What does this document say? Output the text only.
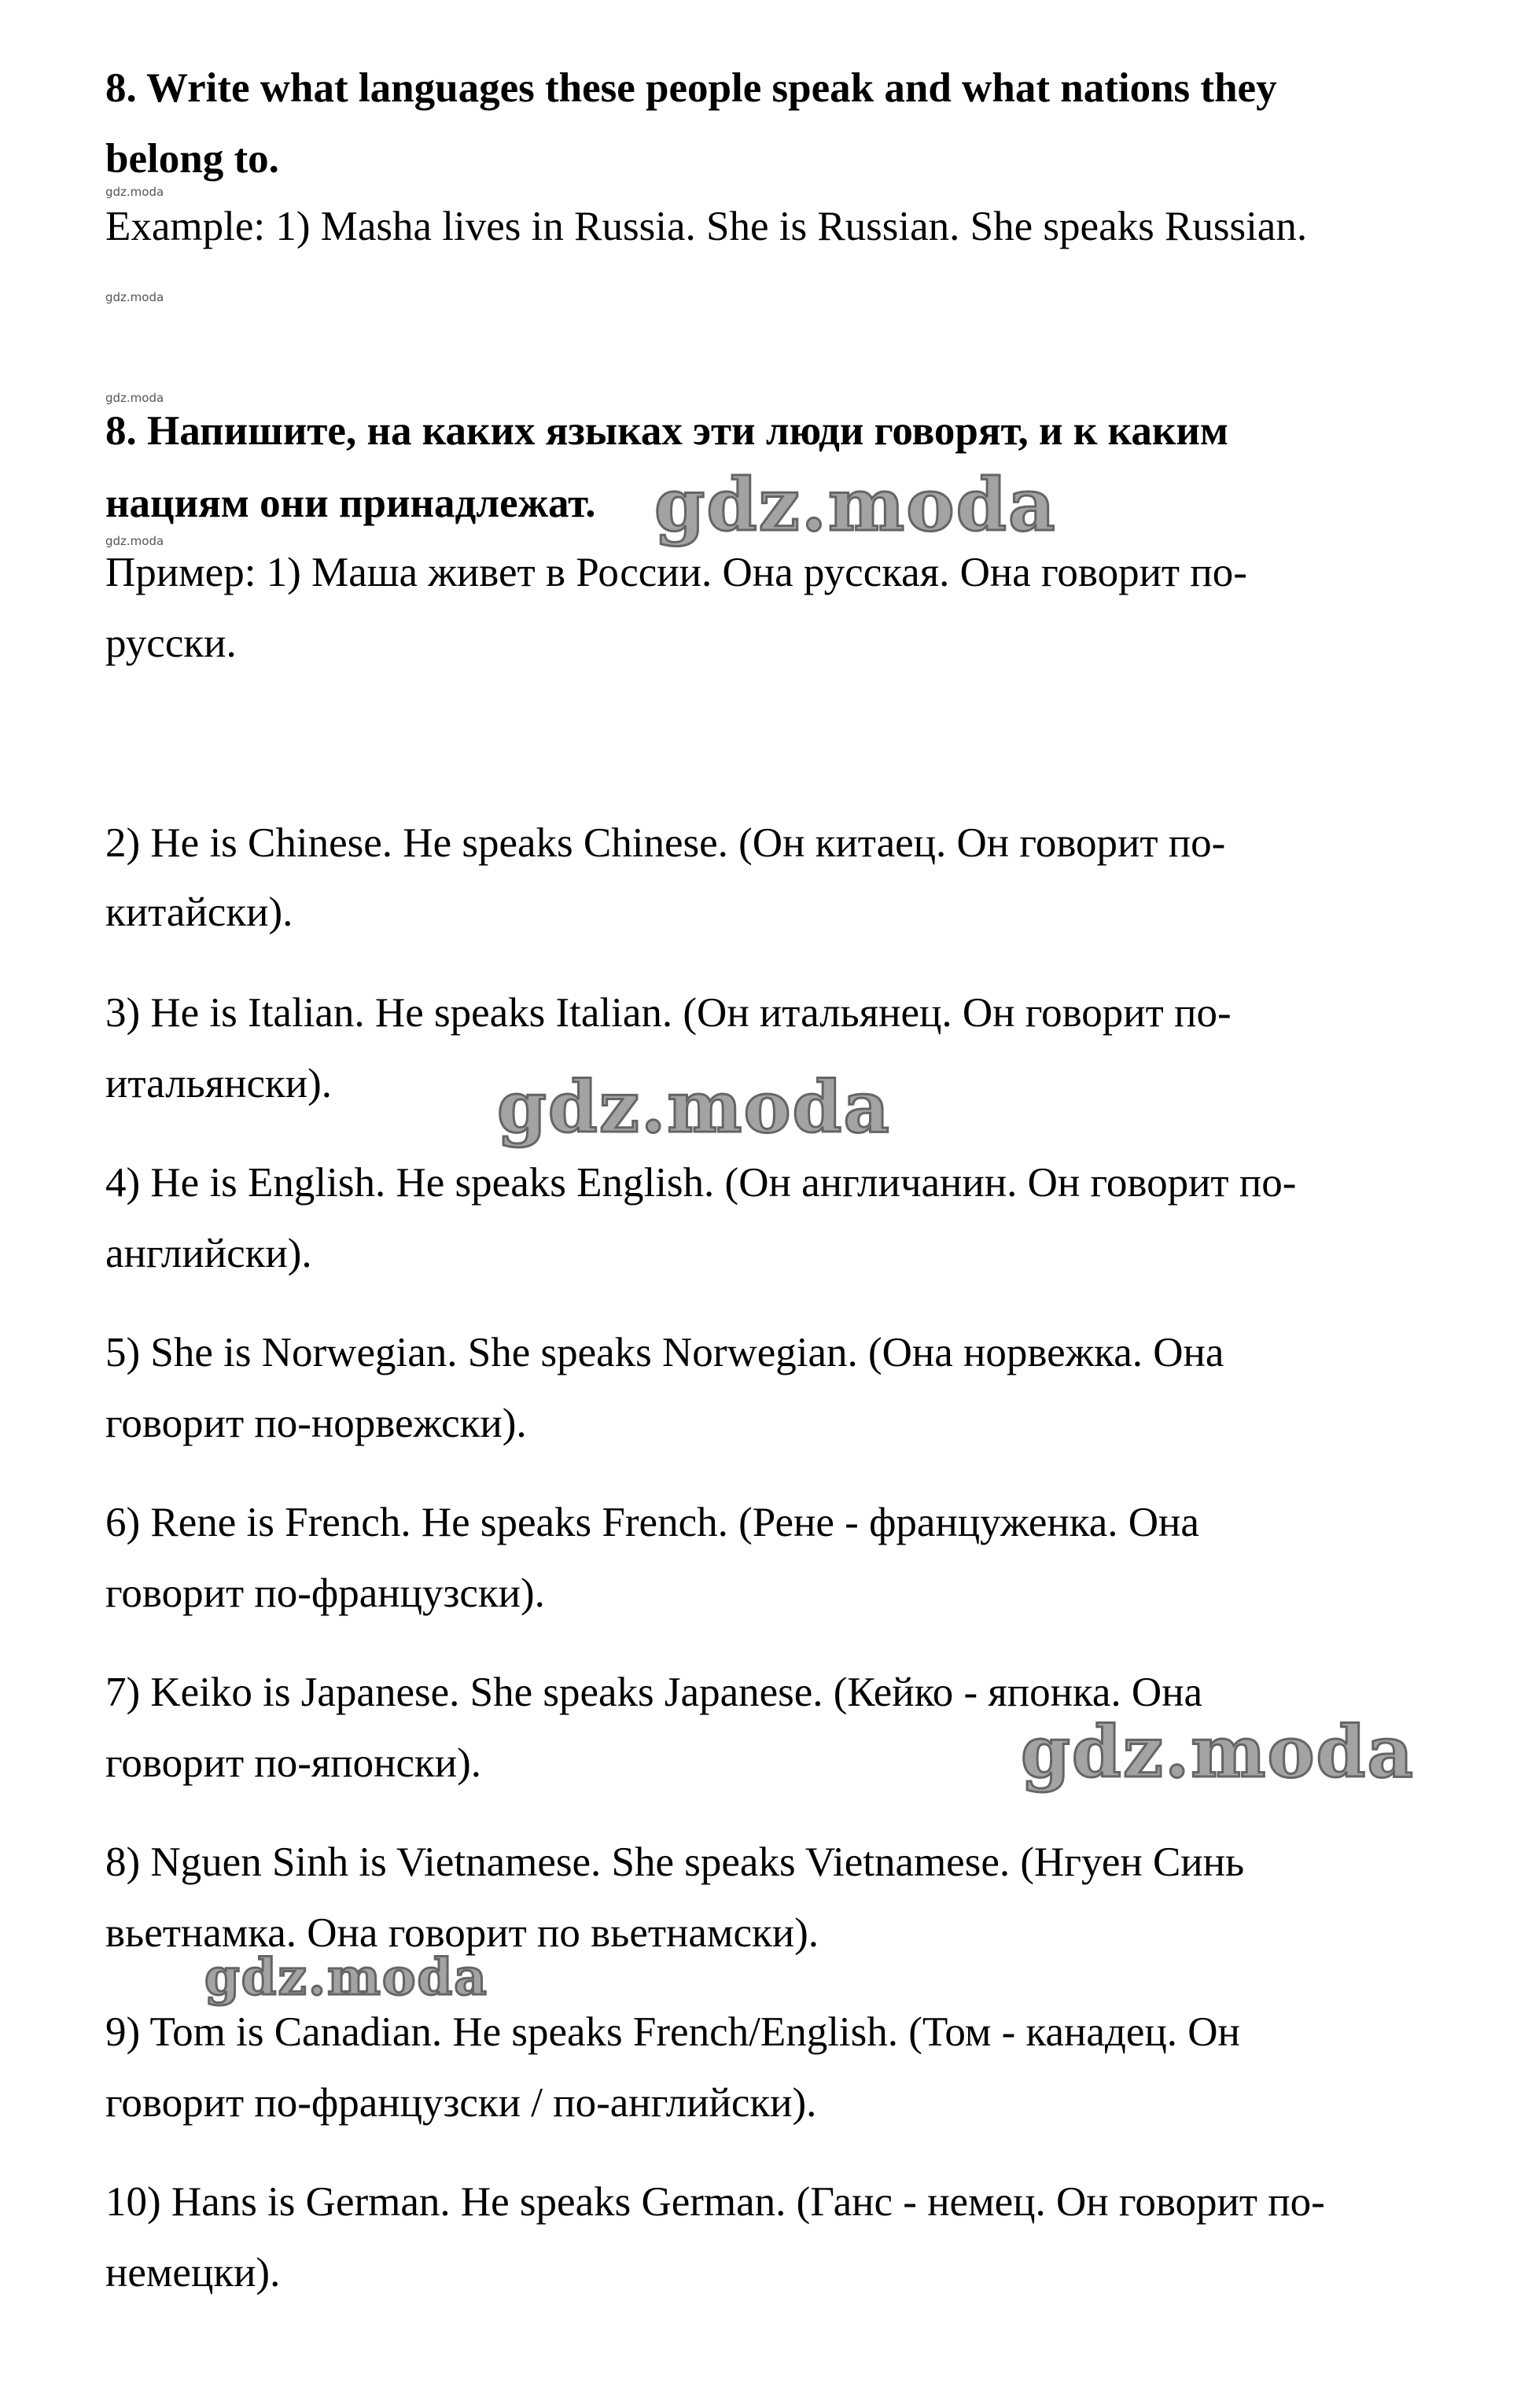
8. Write what languages these people speak and what nations they

belong to.

gdz.moda

Example: 1) Masha lives in Russia. She is Russian. She speaks Russian.

gdz.moda
gdz.moda

8. Напишите, на каких языках эти люди говорят, и к каким

нациям они принадлежат.

gdz.moda

Пример: 1) Маша живет в России. Она русская. Она говорит по-

русски.

2) He is Chinese. He speaks Chinese. (Он китаец. Он говорит по-

китайски).

3) He is Italian. He speaks Italian. (Он итальянец. Он говорит по-

итальянски).

4) He is English. He speaks English. (Он англичанин. Он говорит по-

английски).

5) She is Norwegian. She speaks Norwegian. (Она норвежка. Она

говорит по-норвежски).

6) Rene is French. He speaks French. (Рене - француженка. Она

говорит по-французски).

7) Keiko is Japanese. She speaks Japanese. (Кейко - японка. Она

говорит по-японски).

8) Nguen Sinh is Vietnamese. She speaks Vietnamese. (Нгуен Синь

вьетнамка. Она говорит по вьетнамски).

9) Tom is Canadian. He speaks French/English. (Том - канадец. Он

говорит по-французски / по-английски).

10) Hans is German. He speaks German. (Ганс - немец. Он говорит по-

немецки).

gdz.moda
gdz.moda
gdz.moda
gdz.moda
